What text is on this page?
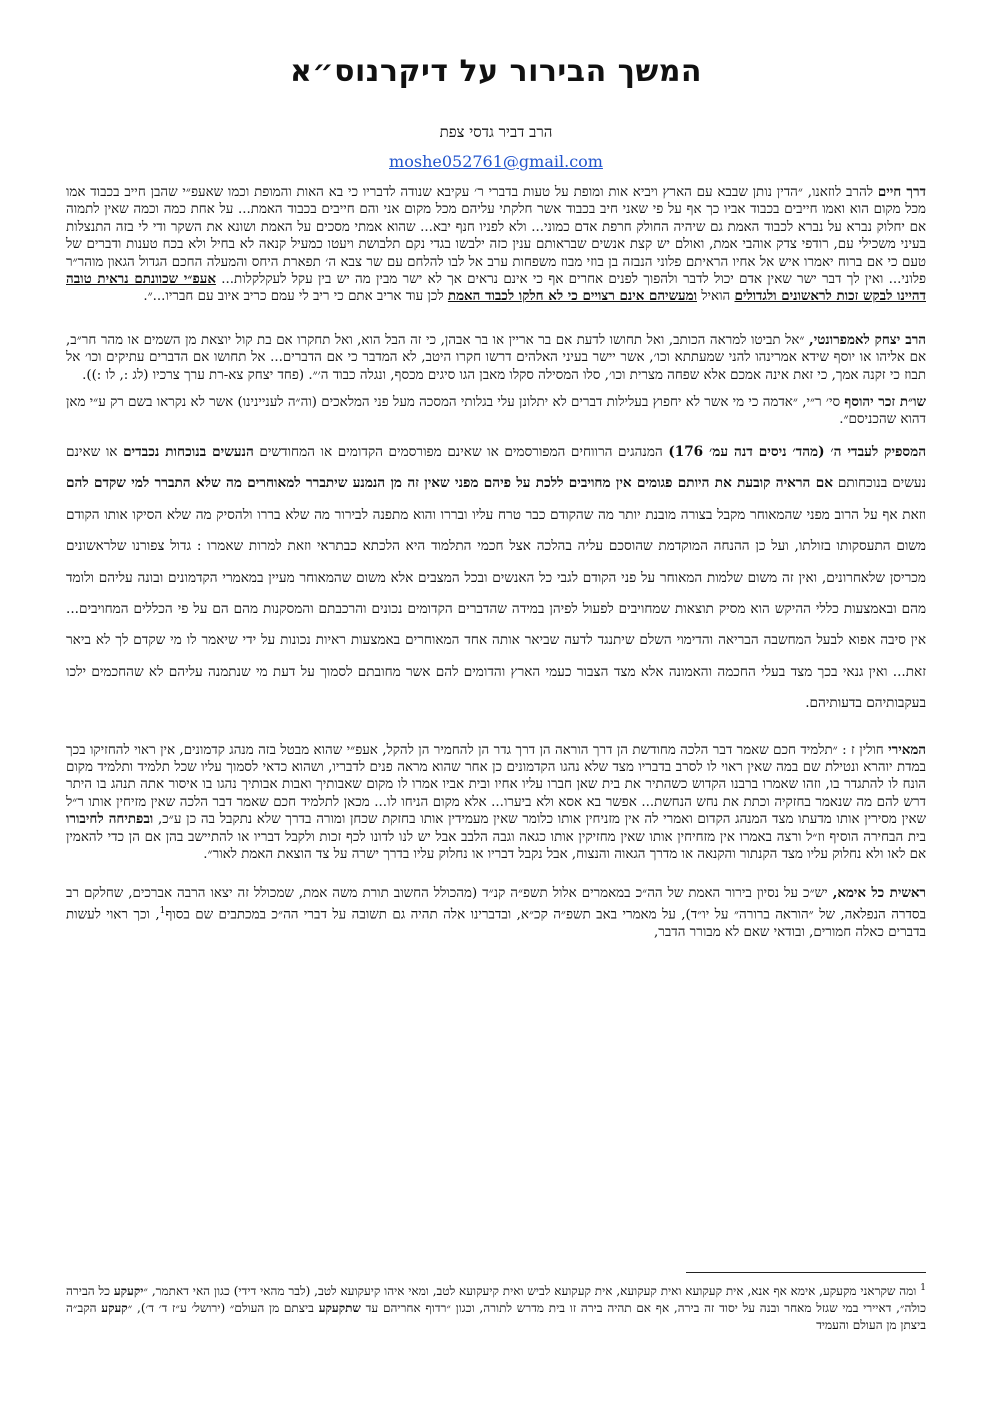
המשך הבירור על דיקרנוס״א
הרב דביר גדסי צפת
moshe052761@gmail.com

דרך חיים להרב לוזאנו, ״הדין נותן שבבא עם הארץ ויביא אות ומופת על טעות בדברי ר׳ עקיבא שנודה לדבריו כי בא האות והמופת וכמו שאעפ״י שהבן חייב בכבוד אמו מכל מקום הוא ואמו חייבים בכבוד אביו כך אף על פי שאני חיב בכבוד אשר חלקתי עליהם מכל מקום אני והם חייבים בכבוד האמת... על אחת כמה וכמה שאין לתמוה אם יחלוק נברא על נברא לכבוד האמת גם שיהיה החולק חרפת אדם כמוני... ולא לפניו חנף יבא... שהוא אמתי מסכים על האמת ושונא את השקר ודי לי בזה התנצלות בעיני משכילי עם, רודפי צדק אוהבי אמת, ואולם יש קצת אנשים שבראותם ענין כזה ילבשו בגדי נקם תלבושת ויעטו כמעיל קנאה לא בחיל ולא בכח טענות ודברים של טעם כי אם ברוח יאמרו איש אל אחיו הראיתם פלוני הנבזה בן בוזי מבוז משפחות ערב אל לבו להלחם עם שר צבא ה׳ תפארת היחס והמעלה החכם הגדול הגאון מוהר״ר פלוני... ואין לך דבר ישר שאין אדם יכול לדבר ולהפוך לפנים אחרים אף כי אינם נראים אך לא ישר מבין מה יש בין עקל לעקלקלות... אעפ״י שכוונתם נראית טובה דהיינו לבקש זכות לראשונים ולגדולים הואיל ומעשיהם אינם רצויים כי לא חלקו לכבוד האמת לכן עוד אריב אתם כי ריב לי עמם כריב איוב עם חבריו...״.

הרב יצחק לאמפרונטי, ״אל תביטו למראה הכותב, ואל תחושו לדעת אם בר אריין או בר אבהן, כי זה הבל הוא, ואל תחקרו אם בת קול יוצאת מן השמים או מהר חר״ב, אם אליהו או יוסף שידא אמרינהו להני שמעתתא וכו׳, אשר יישר בעיני האלהים דרשו חקרו היטב, לא המדבר כי אם הדברים... אל תחושו אם הדברים עתיקים וכו׳ אל תבוז כי זקנה אמך, כי זאת אינה אמכם אלא שפחה מצרית וכו׳, סלו המסילה סקלו מאבן הגו סיגים מכסף, ונגלה כבוד ה׳״. (פחד יצחק צא-רת ערך צרכיו (לג :, לו :)).

שו״ת זכר יהוסף סי׳ ר״י, ״אדמה כי מי אשר לא יחפוץ בעלילות דברים לא יתלונן עלי בגלותי המסכה מעל פני המלאכים (וה״ה לעניינינו) אשר לא נקראו בשם רק ע״י מאן דהוא שהכניסם״.

המספיק לעבדי ה׳ (מהד׳ ניסים דנה עמ׳ 176) המנהגים הרווחים המפורסמים או שאינם מפורסמים הקדומים או המחודשים הנעשים בנוכחות נכבדים או שאינם נעשים בנוכחותם אם הראיה קובעת את היותם פגומים אין מחויבים ללכת על פיהם מפני שאין זה מן הנמנע שיתברר למאוחרים מה שלא התברר למי שקדם להם וזאת אף על הרוב מפני שהמאוחר מקבל בצורה מובנת יותר מה שהקודם כבר טרח עליו ובררו והוא מתפנה לבירור מה שלא בררו ולהסיק מה שלא הסיקו אותו הקודם משום התעסקותו בזולתו, ועל כן ההנחה המוקדמת שהוסכם עליה בהלכה אצל חכמי התלמוד היא הלכתא כבתראי וזאת למרות שאמרו : גדול צפורנו שלראשונים מכריסן שלאחרונים, ואין זה משום שלמות המאוחר על פני הקודם לגבי כל האנשים ובכל המצבים אלא משום שהמאוחר מעיין במאמרי הקדמונים ובונה עליהם ולומד מהם ובאמצעות כללי ההיקש הוא מסיק תוצאות שמחויבים לפעול לפיהן במידה שהדברים הקדומים נכונים והרכבתם והמסקנות מהם הם על פי הכללים המחויבים... אין סיבה אפוא לבעל המחשבה הבריאה והדימוי השלם שיתנגד לדעה שביאר אותה אחד המאוחרים באמצעות ראיות נכונות על ידי שיאמר לו מי שקדם לך לא ביאר זאת... ואין גנאי בכך מצד בעלי החכמה והאמונה אלא מצד הצבור כעמי הארץ והדומים להם אשר מחובתם לסמוך על דעת מי שנתמנה עליהם לא שהחכמים ילכו בעקבותיהם בדעותיהם.

המאירי חולין ז : ״תלמיד חכם שאמר דבר הלכה מחודשת הן דרך הוראה הן דרך גדר הן להחמיר הן להקל, אעפ״י שהוא מבטל בזה מנהג קדמונים, אין ראוי להחזיקו בכך במדת יוהרא ונטילת שם במה שאין ראוי לו לסרב בדבריו מצד שלא נהגו הקדמונים כן אחר שהוא מראה פנים לדבריו, ושהוא כדאי לסמוך עליו שכל תלמיד ותלמיד מקום הונח לו להתגדר בו, וזהו שאמרו ברבנו הקדוש כשהתיר את בית שאן חברו עליו אחיו ובית אביו אמרו לו מקום שאבותיך ואבות אבותיך נהגו בו איסור אתה תנהג בו היתר דרש להם מה שנאמר בחזקיה וכתת את נחש הנחשת... אפשר בא אסא ולא ביערו... אלא מקום הניחו לו... מכאן לתלמיד חכם שאמר דבר הלכה שאין מזיחין אותו ר״ל שאין מסירין אותו מדעתו מצד המנהג הקדום ואמרי לה אין מזניחין אותו כלומר שאין מעמידין אותו בחזקת שכחן ומורה בדרך שלא נתקבל בה כן ע״כ, ובפתיחה לחיבורו בית הבחירה הוסיף וז״ל ורצה באמרו אין מזחיחין אותו שאין מחזיקין אותו כגאה וגבה הלבב אבל יש לנו לדונו לכף זכות ולקבל דבריו או להתיישב בהן אם הן כדי להאמין אם לאו ולא נחלוק עליו מצד הקנתור והקנאה או מדרך הגאוה והנצוח, אבל נקבל דבריו או נחלוק עליו בדרך ישרה על צד הוצאת האמת לאור״.

ראשית כל אימא, יש״כ על נסיון בירור האמת של הה״כ במאמרים אלול תשפ״ה קנ״ד (מהכולל החשוב תורת משה אמת, שמכולל זה יצאו הרבה אברכים, שחלקם רב בסדרה הנפלאה, של ״הוראה ברורה״ על יו״ד), על מאמרי באב תשפ״ה קכ״א, ובדברינו אלה תהיה גם תשובה על דברי הה״כ במכתבים שם בסוף$^1$, וכך ראוי לעשות בדברים כאלה חמורים, ובודאי שאם לא מבורר הדבר,

$^1$ ומה שקראני מקעקע, אימא אף אנא, אית קעקועא ואית קעקועא, אית קעקועא לביש ואית קיעקועא לטב, ומאי איהו קיעקועא לטב, (לבר מהאי דידי) כגון האי דאתמר, ״יקעקע כל הבירה כולה״, דאיירי במי שגזל מאחר ובנה על יסוד זה בירה, אף אם תהיה בירה זו בית מדרש לתורה, וכגון ״רדוף אחריהם עד שתקעקע ביצתם מן העולם״ (ירושל׳ ע״ז ד׳ ד׳), ״קעקע הקב״ה ביצתן מן העולם והעמיד
